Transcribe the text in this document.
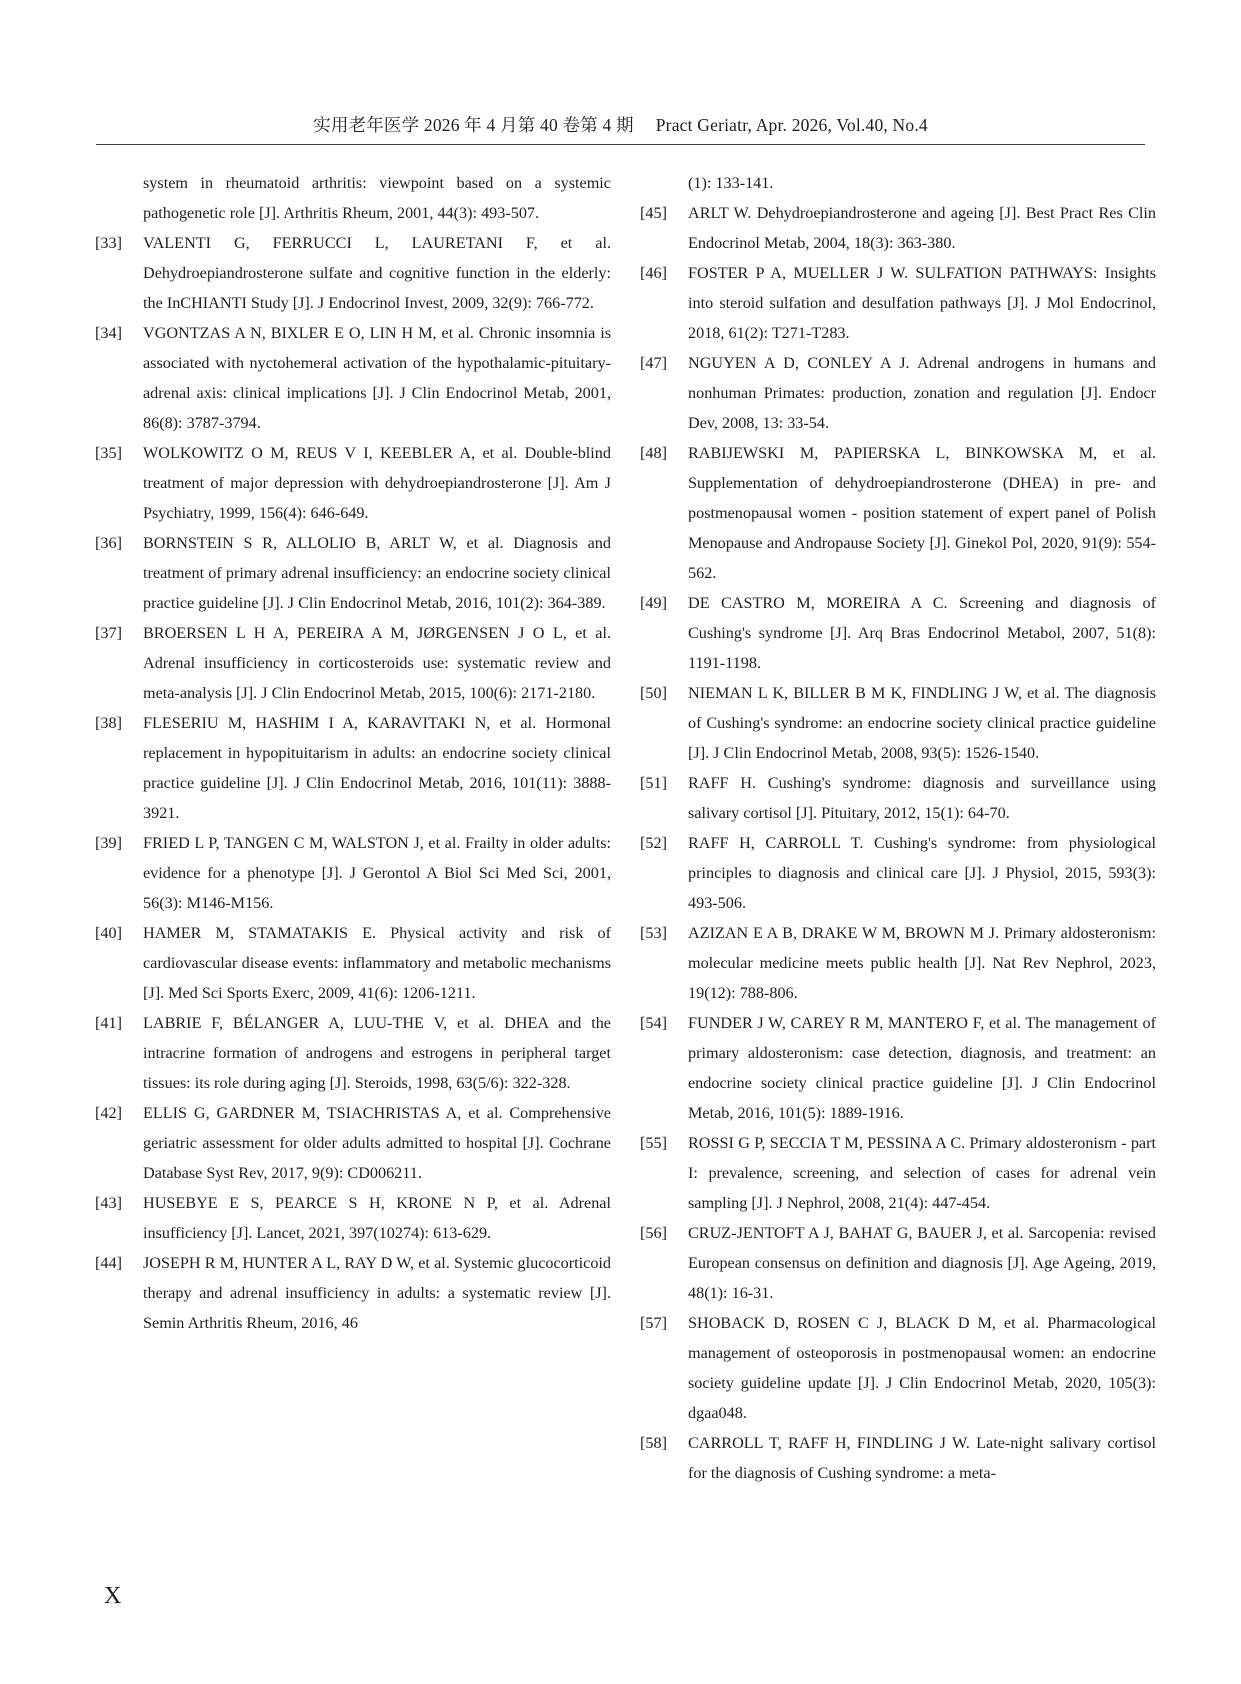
实用老年医学 2026 年 4 月第 40 卷第 4 期 Pract Geriatr, Apr. 2026, Vol.40, No.4
system in rheumatoid arthritis: viewpoint based on a systemic pathogenetic role [J]. Arthritis Rheum, 2001, 44(3): 493-507.
[33] VALENTI G, FERRUCCI L, LAURETANI F, et al. Dehydroepiandrosterone sulfate and cognitive function in the elderly: the InCHIANTI Study [J]. J Endocrinol Invest, 2009, 32(9): 766-772.
[34] VGONTZAS A N, BIXLER E O, LIN H M, et al. Chronic insomnia is associated with nyctohemeral activation of the hypothalamic-pituitary-adrenal axis: clinical implications [J]. J Clin Endocrinol Metab, 2001, 86(8): 3787-3794.
[35] WOLKOWITZ O M, REUS V I, KEEBLER A, et al. Double-blind treatment of major depression with dehydroepiandrosterone [J]. Am J Psychiatry, 1999, 156(4): 646-649.
[36] BORNSTEIN S R, ALLOLIO B, ARLT W, et al. Diagnosis and treatment of primary adrenal insufficiency: an endocrine society clinical practice guideline [J]. J Clin Endocrinol Metab, 2016, 101(2): 364-389.
[37] BROERSEN L H A, PEREIRA A M, JØRGENSEN J O L, et al. Adrenal insufficiency in corticosteroids use: systematic review and meta-analysis [J]. J Clin Endocrinol Metab, 2015, 100(6): 2171-2180.
[38] FLESERIU M, HASHIM I A, KARAVITAKI N, et al. Hormonal replacement in hypopituitarism in adults: an endocrine society clinical practice guideline [J]. J Clin Endocrinol Metab, 2016, 101(11): 3888-3921.
[39] FRIED L P, TANGEN C M, WALSTON J, et al. Frailty in older adults: evidence for a phenotype [J]. J Gerontol A Biol Sci Med Sci, 2001, 56(3): M146-M156.
[40] HAMER M, STAMATAKIS E. Physical activity and risk of cardiovascular disease events: inflammatory and metabolic mechanisms [J]. Med Sci Sports Exerc, 2009, 41(6): 1206-1211.
[41] LABRIE F, BÉLANGER A, LUU-THE V, et al. DHEA and the intracrine formation of androgens and estrogens in peripheral target tissues: its role during aging [J]. Steroids, 1998, 63(5/6): 322-328.
[42] ELLIS G, GARDNER M, TSIACHRISTAS A, et al. Comprehensive geriatric assessment for older adults admitted to hospital [J]. Cochrane Database Syst Rev, 2017, 9(9): CD006211.
[43] HUSEBYE E S, PEARCE S H, KRONE N P, et al. Adrenal insufficiency [J]. Lancet, 2021, 397(10274): 613-629.
[44] JOSEPH R M, HUNTER A L, RAY D W, et al. Systemic glucocorticoid therapy and adrenal insufficiency in adults: a systematic review [J]. Semin Arthritis Rheum, 2016, 46
(1): 133-141.
[45] ARLT W. Dehydroepiandrosterone and ageing [J]. Best Pract Res Clin Endocrinol Metab, 2004, 18(3): 363-380.
[46] FOSTER P A, MUELLER J W. SULFATION PATHWAYS: Insights into steroid sulfation and desulfation pathways [J]. J Mol Endocrinol, 2018, 61(2): T271-T283.
[47] NGUYEN A D, CONLEY A J. Adrenal androgens in humans and nonhuman Primates: production, zonation and regulation [J]. Endocr Dev, 2008, 13: 33-54.
[48] RABIJEWSKI M, PAPIERSKA L, BINKOWSKA M, et al. Supplementation of dehydroepiandrosterone (DHEA) in pre- and postmenopausal women - position statement of expert panel of Polish Menopause and Andropause Society [J]. Ginekol Pol, 2020, 91(9): 554-562.
[49] DE CASTRO M, MOREIRA A C. Screening and diagnosis of Cushing's syndrome [J]. Arq Bras Endocrinol Metabol, 2007, 51(8): 1191-1198.
[50] NIEMAN L K, BILLER B M K, FINDLING J W, et al. The diagnosis of Cushing's syndrome: an endocrine society clinical practice guideline [J]. J Clin Endocrinol Metab, 2008, 93(5): 1526-1540.
[51] RAFF H. Cushing's syndrome: diagnosis and surveillance using salivary cortisol [J]. Pituitary, 2012, 15(1): 64-70.
[52] RAFF H, CARROLL T. Cushing's syndrome: from physiological principles to diagnosis and clinical care [J]. J Physiol, 2015, 593(3): 493-506.
[53] AZIZAN E A B, DRAKE W M, BROWN M J. Primary aldosteronism: molecular medicine meets public health [J]. Nat Rev Nephrol, 2023, 19(12): 788-806.
[54] FUNDER J W, CAREY R M, MANTERO F, et al. The management of primary aldosteronism: case detection, diagnosis, and treatment: an endocrine society clinical practice guideline [J]. J Clin Endocrinol Metab, 2016, 101(5): 1889-1916.
[55] ROSSI G P, SECCIA T M, PESSINA A C. Primary aldosteronism - part I: prevalence, screening, and selection of cases for adrenal vein sampling [J]. J Nephrol, 2008, 21(4): 447-454.
[56] CRUZ-JENTOFT A J, BAHAT G, BAUER J, et al. Sarcopenia: revised European consensus on definition and diagnosis [J]. Age Ageing, 2019, 48(1): 16-31.
[57] SHOBACK D, ROSEN C J, BLACK D M, et al. Pharmacological management of osteoporosis in postmenopausal women: an endocrine society guideline update [J]. J Clin Endocrinol Metab, 2020, 105(3): dgaa048.
[58] CARROLL T, RAFF H, FINDLING J W. Late-night salivary cortisol for the diagnosis of Cushing syndrome: a meta-
X
